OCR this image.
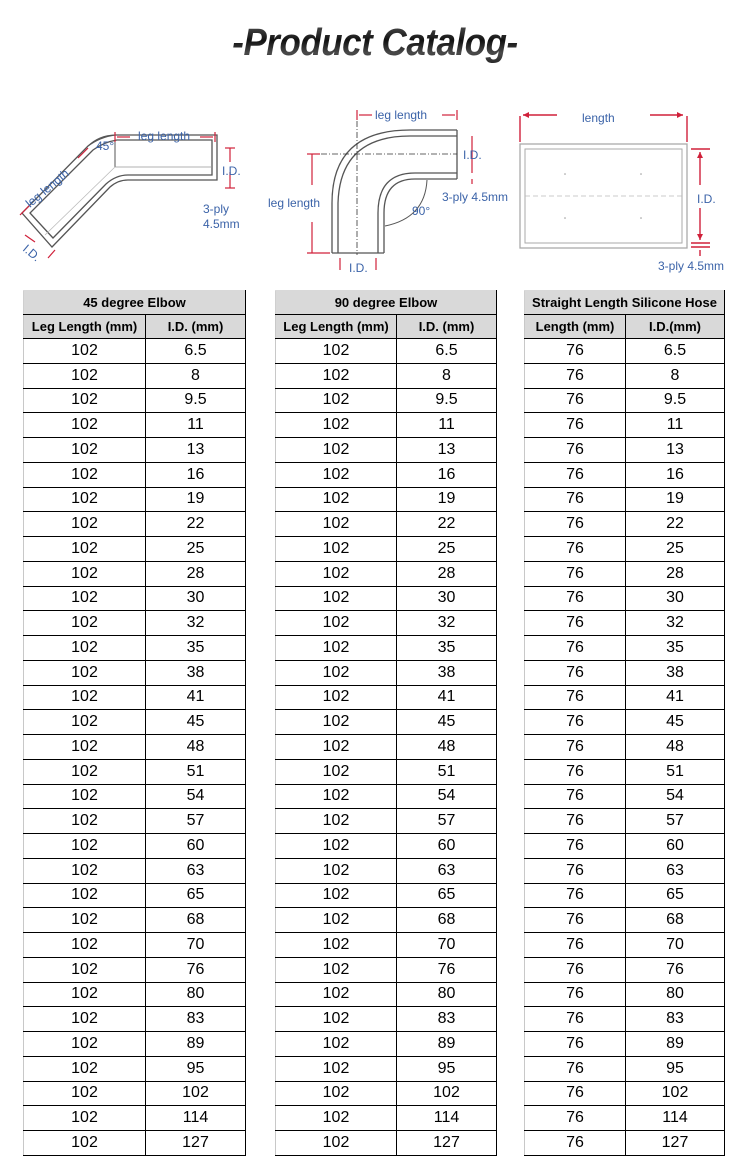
-Product Catalog-
leg length
45°
leg length	I.D.
I.D.
3-ply
4.5mm
leg length
leg length
I.D.
3-ply 4.5mm
90°
I.D.
length
I.D.
3-ply 4.5mm
45 degree Elbow	
Leg Length (mm)	I.D. (mm)
102	6.5
102	8
102	9.5
102	11
102	13
102	16
102	19
102	22
102	25
102	28
102	30
102	32
102	35
102	38
102	41
102	45
102	48
102	51
102	54
102	57
102	60
102	63
102	65
102	68
102	70
102	76
102	80
102	83
102	89
102	95
102	102
102	114
102	127
90 degree Elbow	
Leg Length (mm)	I.D. (mm)
102	6.5
102	8
102	9.5
102	11
102	13
102	16
102	19
102	22
102	25
102	28
102	30
102	32
102	35
102	38
102	41
102	45
102	48
102	51
102	54
102	57
102	60
102	63
102	65
102	68
102	70
102	76
102	80
102	83
102	89
102	95
102	102
102	114
102	127
Straight Length Silicone Hose	
Length (mm)	I.D.(mm)
76	6.5
76	8
76	9.5
76	11
76	13
76	16
76	19
76	22
76	25
76	28
76	30
76	32
76	35
76	38
76	41
76	45
76	48
76	51
76	54
76	57
76	60
76	63
76	65
76	68
76	70
76	76
76	80
76	83
76	89
76	95
76	102
76	114
76	127
